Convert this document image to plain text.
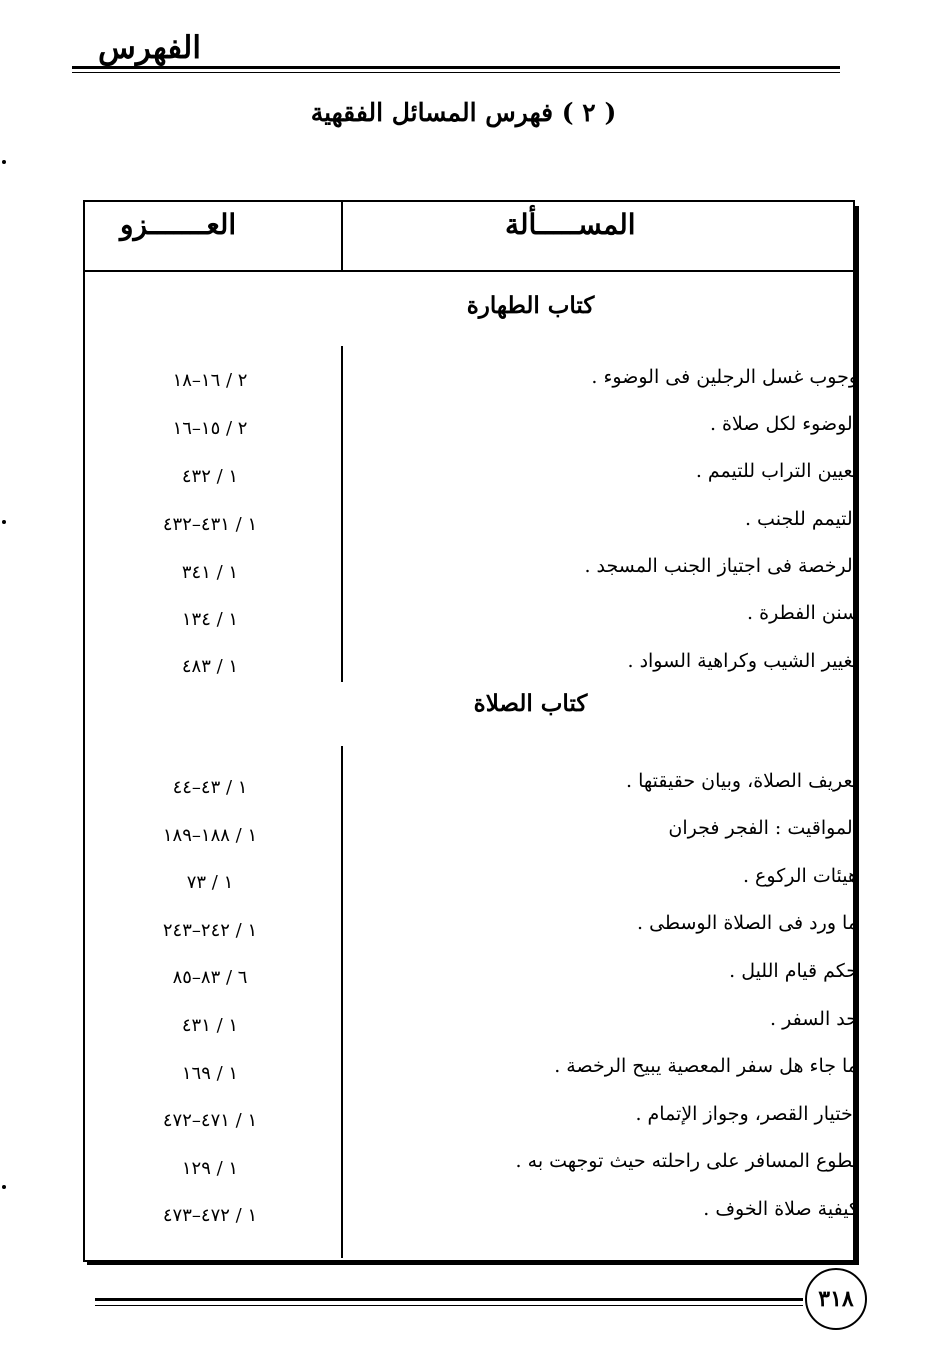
الفهرس
( ٢ ) فهرس المسائل الفقهية
المســـــألة
العـــــــزو
كتاب الطهارة
وجوب غسل الرجلين فى الوضوء .
٢ / ١٦–١٨
الوضوء لكل صلاة .
٢ / ١٥–١٦
تعيين التراب للتيمم .
١ / ٤٣٢
التيمم للجنب .
١ / ٤٣١–٤٣٢
الرخصة فى اجتياز الجنب المسجد .
١ / ٣٤١
سنن الفطرة .
١ / ١٣٤
تغيير الشيب وكراهية السواد .
١ / ٤٨٣
كتاب الصلاة
تعريف الصلاة، وبيان حقيقتها .
١ / ٤٣–٤٤
المواقيت : الفجر فجران
١ / ١٨٨–١٨٩
هيئات الركوع .
١ / ٧٣
ما ورد فى الصلاة الوسطى .
١ / ٢٤٢–٢٤٣
حكم قيام الليل .
٦ / ٨٣–٨٥
حد السفر .
١ / ٤٣١
ما جاء هل سفر المعصية يبيح الرخصة .
١ / ١٦٩
اختيار القصر، وجواز الإتمام .
١ / ٤٧١–٤٧٢
تطوع المسافر على راحلته حيث توجهت به .
١ / ١٢٩
كيفية صلاة الخوف .
١ / ٤٧٢–٤٧٣
٣١٨
